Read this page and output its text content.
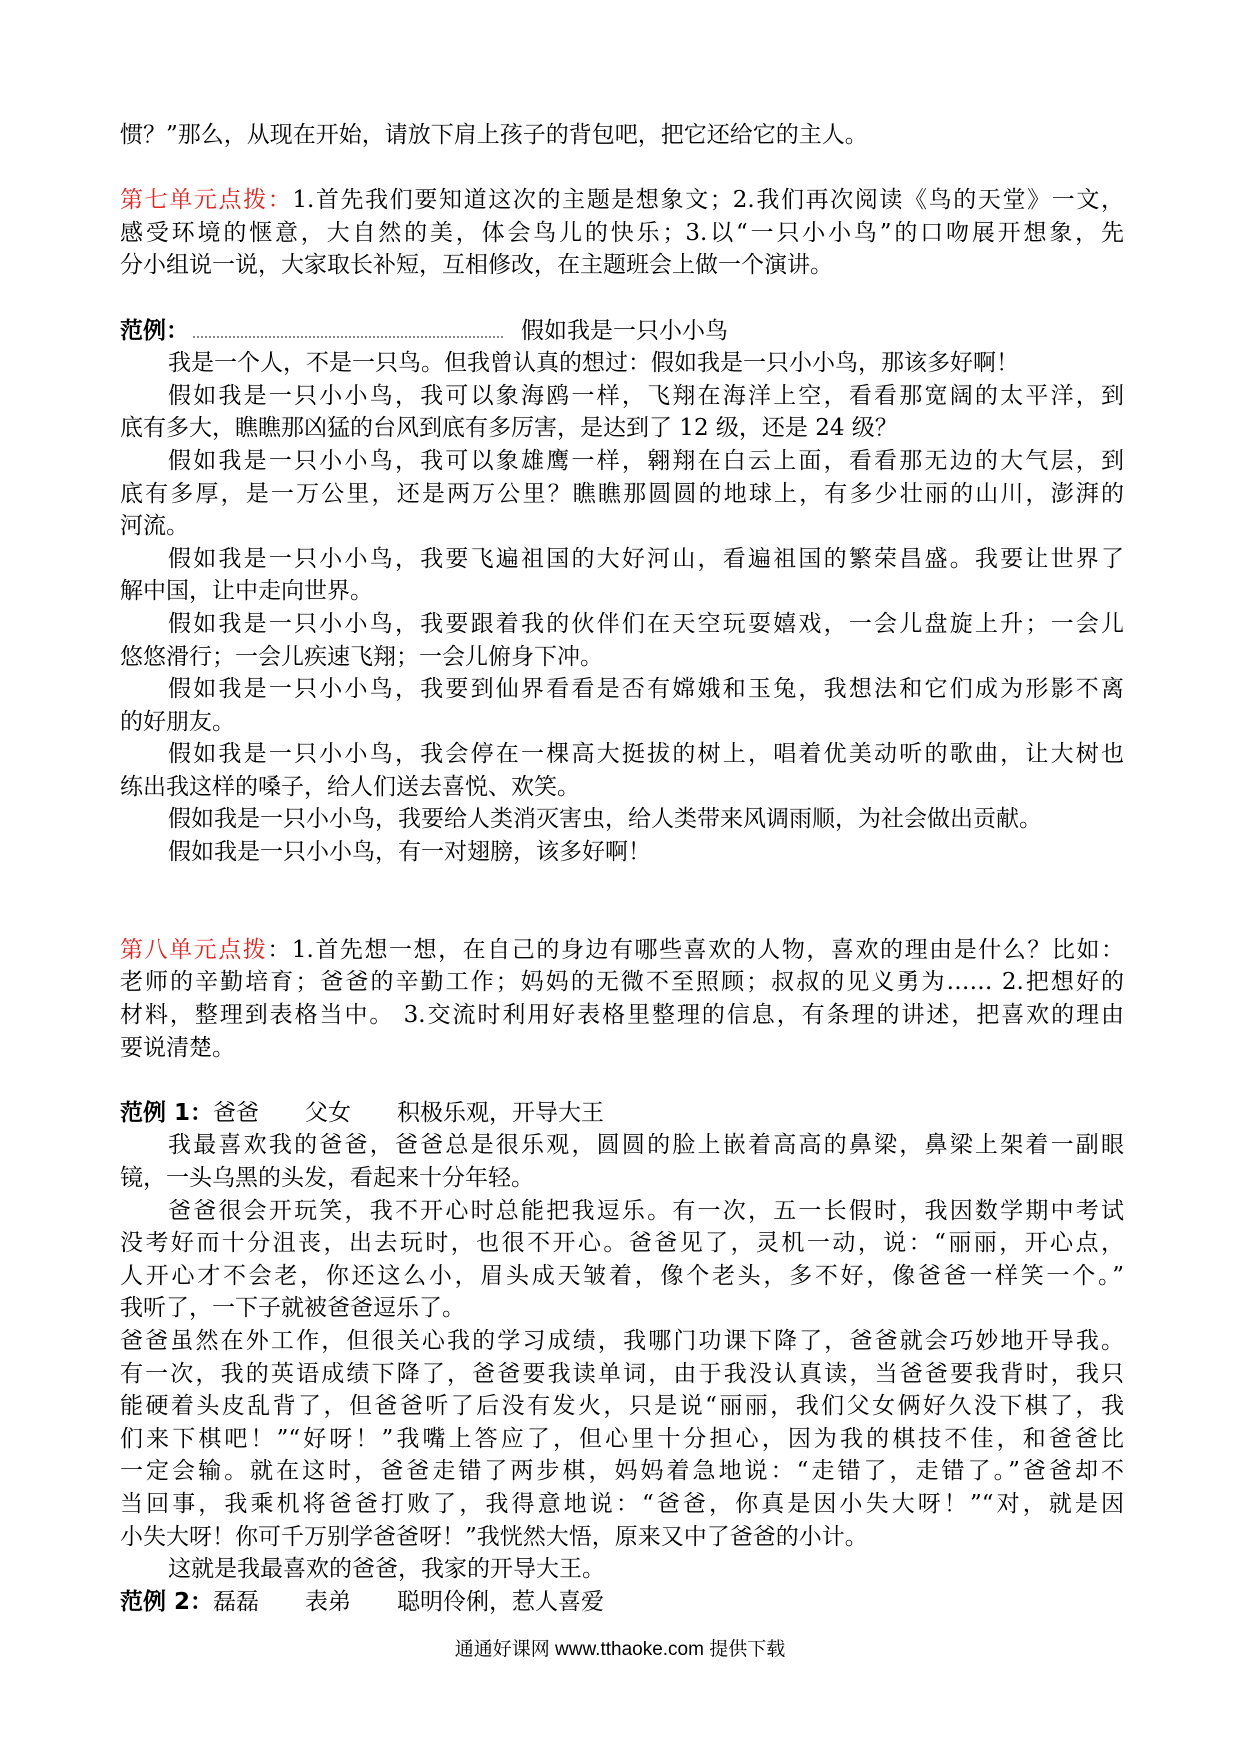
惯？”那么，从现在开始，请放下肩上孩子的背包吧，把它还给它的主人。
第七单元点拨：1.首先我们要知道这次的主题是想象文；2.我们再次阅读《鸟的天堂》一文，
感受环境的惬意，大自然的美，体会鸟儿的快乐；3.以“一只小小鸟”的口吻展开想象，先
分小组说一说，大家取长补短，互相修改，在主题班会上做一个演讲。
范例：	假如我是一只小小鸟
我是一个人，不是一只鸟。但我曾认真的想过：假如我是一只小小鸟，那该多好啊！
假如我是一只小小鸟，我可以象海鸥一样，飞翔在海洋上空，看看那宽阔的太平洋，到
底有多大，瞧瞧那凶猛的台风到底有多厉害，是达到了 12 级，还是 24 级？
假如我是一只小小鸟，我可以象雄鹰一样，翱翔在白云上面，看看那无边的大气层，到
底有多厚，是一万公里，还是两万公里？瞧瞧那圆圆的地球上，有多少壮丽的山川，澎湃的
河流。
假如我是一只小小鸟，我要飞遍祖国的大好河山，看遍祖国的繁荣昌盛。我要让世界了
解中国，让中走向世界。
假如我是一只小小鸟，我要跟着我的伙伴们在天空玩耍嬉戏，一会儿盘旋上升；一会儿
悠悠滑行；一会儿疾速飞翔；一会儿俯身下冲。
假如我是一只小小鸟，我要到仙界看看是否有嫦娥和玉兔，我想法和它们成为形影不离
的好朋友。
假如我是一只小小鸟，我会停在一棵高大挺拔的树上，唱着优美动听的歌曲，让大树也
练出我这样的嗓子，给人们送去喜悦、欢笑。
假如我是一只小小鸟，我要给人类消灭害虫，给人类带来风调雨顺，为社会做出贡献。
假如我是一只小小鸟，有一对翅膀，该多好啊！
第八单元点拨：1.首先想一想，在自己的身边有哪些喜欢的人物，喜欢的理由是什么？比如：
老师的辛勤培育；爸爸的辛勤工作；妈妈的无微不至照顾；叔叔的见义勇为…… 2.把想好的
材料，整理到表格当中。 3.交流时利用好表格里整理的信息，有条理的讲述，把喜欢的理由
要说清楚。
范例 1：爸爸　　父女　　积极乐观，开导大王
我最喜欢我的爸爸，爸爸总是很乐观，圆圆的脸上嵌着高高的鼻梁，鼻梁上架着一副眼
镜，一头乌黑的头发，看起来十分年轻。
爸爸很会开玩笑，我不开心时总能把我逗乐。有一次，五一长假时，我因数学期中考试
没考好而十分沮丧，出去玩时，也很不开心。爸爸见了，灵机一动，说：“丽丽，开心点，
人开心才不会老，你还这么小，眉头成天皱着，像个老头，多不好，像爸爸一样笑一个。”
我听了，一下子就被爸爸逗乐了。
爸爸虽然在外工作，但很关心我的学习成绩，我哪门功课下降了，爸爸就会巧妙地开导我。
有一次，我的英语成绩下降了，爸爸要我读单词，由于我没认真读，当爸爸要我背时，我只
能硬着头皮乱背了，但爸爸听了后没有发火，只是说“丽丽，我们父女俩好久没下棋了，我
们来下棋吧！”“好呀！”我嘴上答应了，但心里十分担心，因为我的棋技不佳，和爸爸比
一定会输。就在这时，爸爸走错了两步棋，妈妈着急地说：“走错了，走错了。”爸爸却不
当回事，我乘机将爸爸打败了，我得意地说：“爸爸，你真是因小失大呀！”“对，就是因
小失大呀！你可千万别学爸爸呀！”我恍然大悟，原来又中了爸爸的小计。
这就是我最喜欢的爸爸，我家的开导大王。
范例 2：磊磊　　表弟　　聪明伶俐，惹人喜爱
通通好课网 www.tthaoke.com 提供下载
